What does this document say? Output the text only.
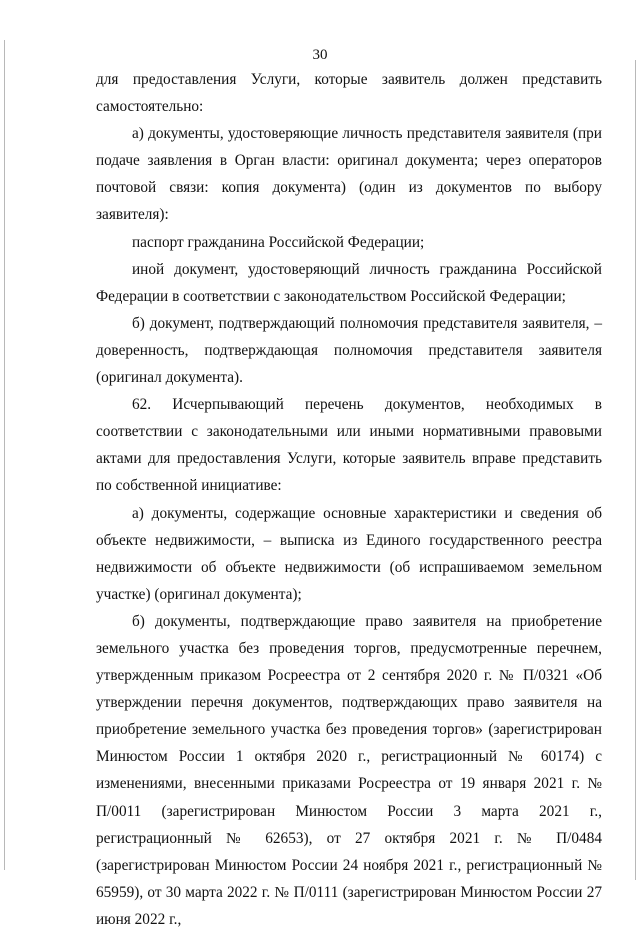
30

для предоставления Услуги, которые заявитель должен представить самостоятельно:

а) документы, удостоверяющие личность представителя заявителя (при подаче заявления в Орган власти: оригинал документа; через операторов почтовой связи: копия документа) (один из документов по выбору заявителя):

паспорт гражданина Российской Федерации;

иной документ, удостоверяющий личность гражданина Российской Федерации в соответствии с законодательством Российской Федерации;

б) документ, подтверждающий полномочия представителя заявителя, – доверенность, подтверждающая полномочия представителя заявителя (оригинал документа).

62. Исчерпывающий перечень документов, необходимых в соответствии с законодательными или иными нормативными правовыми актами для предоставления Услуги, которые заявитель вправе представить по собственной инициативе:

а) документы, содержащие основные характеристики и сведения об объекте недвижимости, – выписка из Единого государственного реестра недвижимости об объекте недвижимости (об испрашиваемом земельном участке) (оригинал документа);

б) документы, подтверждающие право заявителя на приобретение земельного участка без проведения торгов, предусмотренные перечнем, утвержденным приказом Росреестра от 2 сентября 2020 г. № П/0321 «Об утверждении перечня документов, подтверждающих право заявителя на приобретение земельного участка без проведения торгов» (зарегистрирован Минюстом России 1 октября 2020 г., регистрационный № 60174) с изменениями, внесенными приказами Росреестра от 19 января 2021 г. № П/0011 (зарегистрирован Минюстом России 3 марта 2021 г., регистрационный № 62653), от 27 октября 2021 г. № П/0484 (зарегистрирован Минюстом России 24 ноября 2021 г., регистрационный № 65959), от 30 марта 2022 г. № П/0111 (зарегистрирован Минюстом России 27 июня 2022 г.,
